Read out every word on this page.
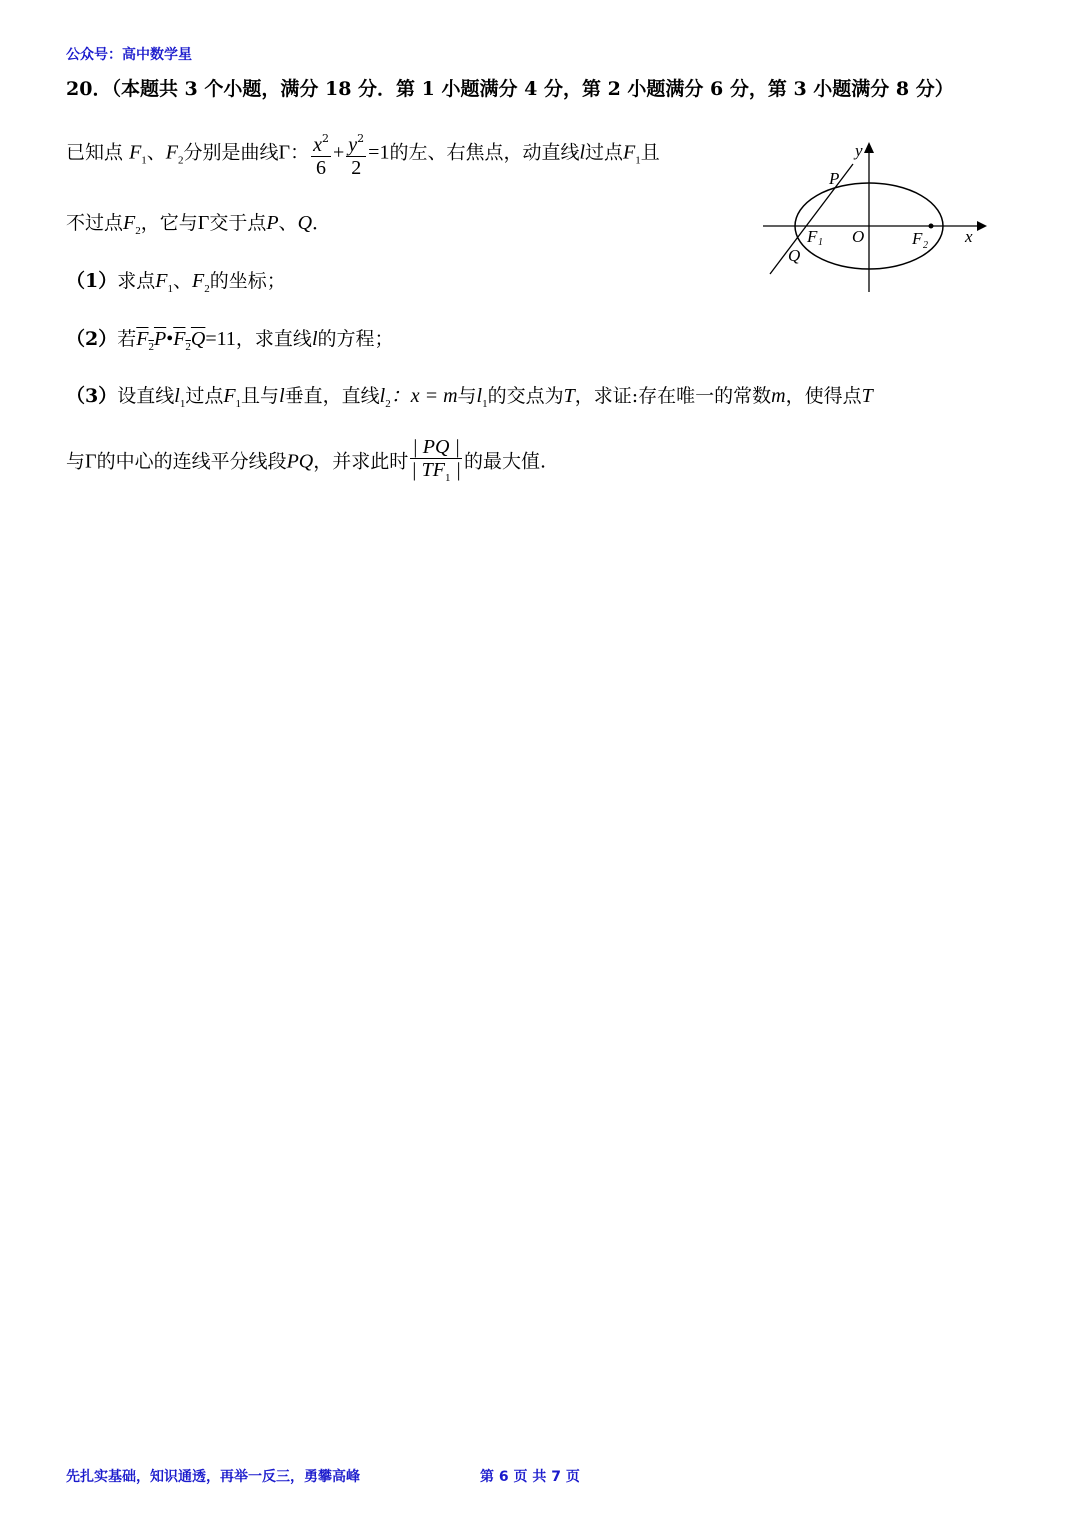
公众号：高中数学星
20．（本题共 3 个小题，满分 18 分．第 1 小题满分 4 分，第 2 小题满分 6 分，第 3 小题满分 8 分）
已知点 $F_1$、$F_2$分别是曲线Γ： $\frac{x^2}{6} + \frac{y^2}{2} =1$的左、右焦点，动直线l过点$F_1$且
不过点$F_2$，它与Γ交于点P、Q．
（1）求点$F_1$、$F_2$的坐标；
（2）若$F_2P•F_2Q=11$，求直线l的方程；
（3）设直线$l_1$过点$F_1$且与l垂直，直线$l_2$：x = m与$l_1$的交点为T，求证:存在唯一的常数m，使得点T
与Γ的中心的连线平分线段PQ，并求此时 $\frac{| PQ |}{| TF_1 |}$ 的最大值.
y
x
P
Q
F 1 O	F 2
先扎实基础，知识通透，再举一反三，勇攀高峰	第 6 页 共 7 页
